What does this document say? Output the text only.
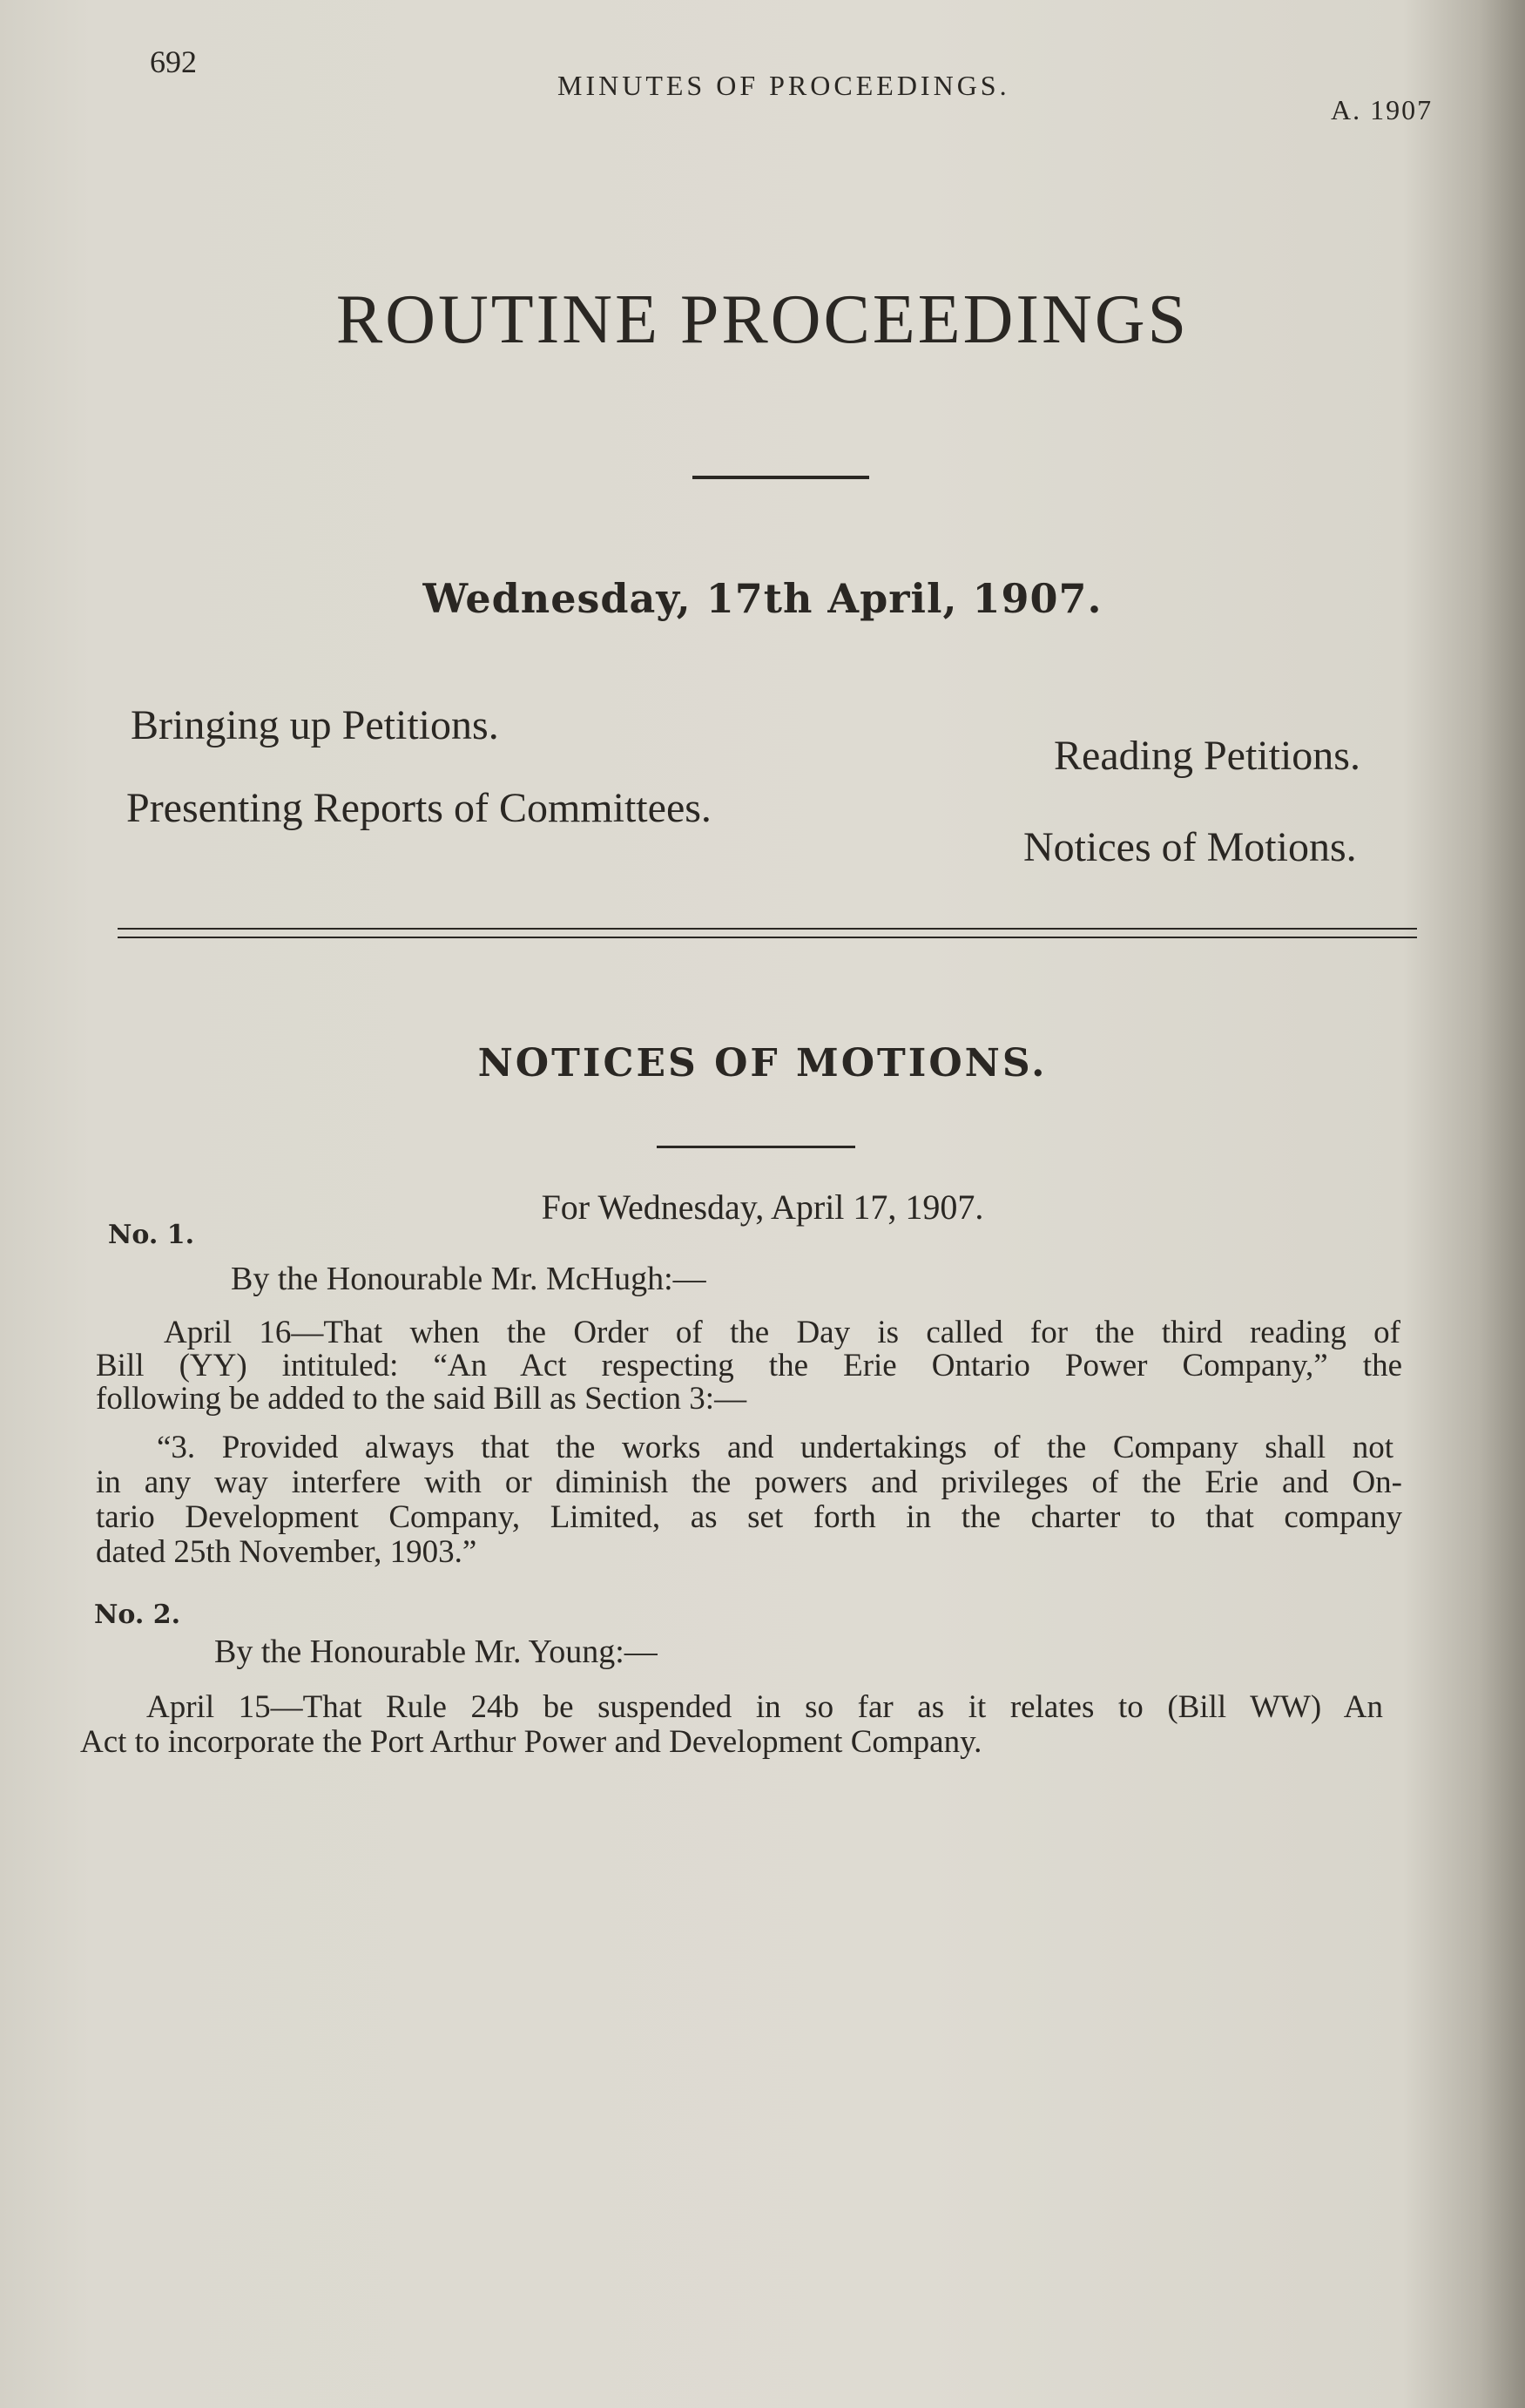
692
MINUTES OF PROCEEDINGS.
A. 1907
ROUTINE PROCEEDINGS
Wednesday, 17th April, 1907.
Bringing up Petitions.
Presenting Reports of Committees.
Reading Petitions.
Notices of Motions.
NOTICES OF MOTIONS.
For Wednesday, April 17, 1907.
No. 1.
By the Honourable Mr. McHugh:—
April 16—That when the Order of the Day is called for the third reading of
Bill (YY) intituled: “An Act respecting the Erie Ontario Power Company,” the
following be added to the said Bill as Section 3:—
“3. Provided always that the works and undertakings of the Company shall not
in any way interfere with or diminish the powers and privileges of the Erie and On-
tario Development Company, Limited, as set forth in the charter to that company
dated 25th November, 1903.”
No. 2.
By the Honourable Mr. Young:—
April 15—That Rule 24b be suspended in so far as it relates to (Bill WW) An
Act to incorporate the Port Arthur Power and Development Company.
